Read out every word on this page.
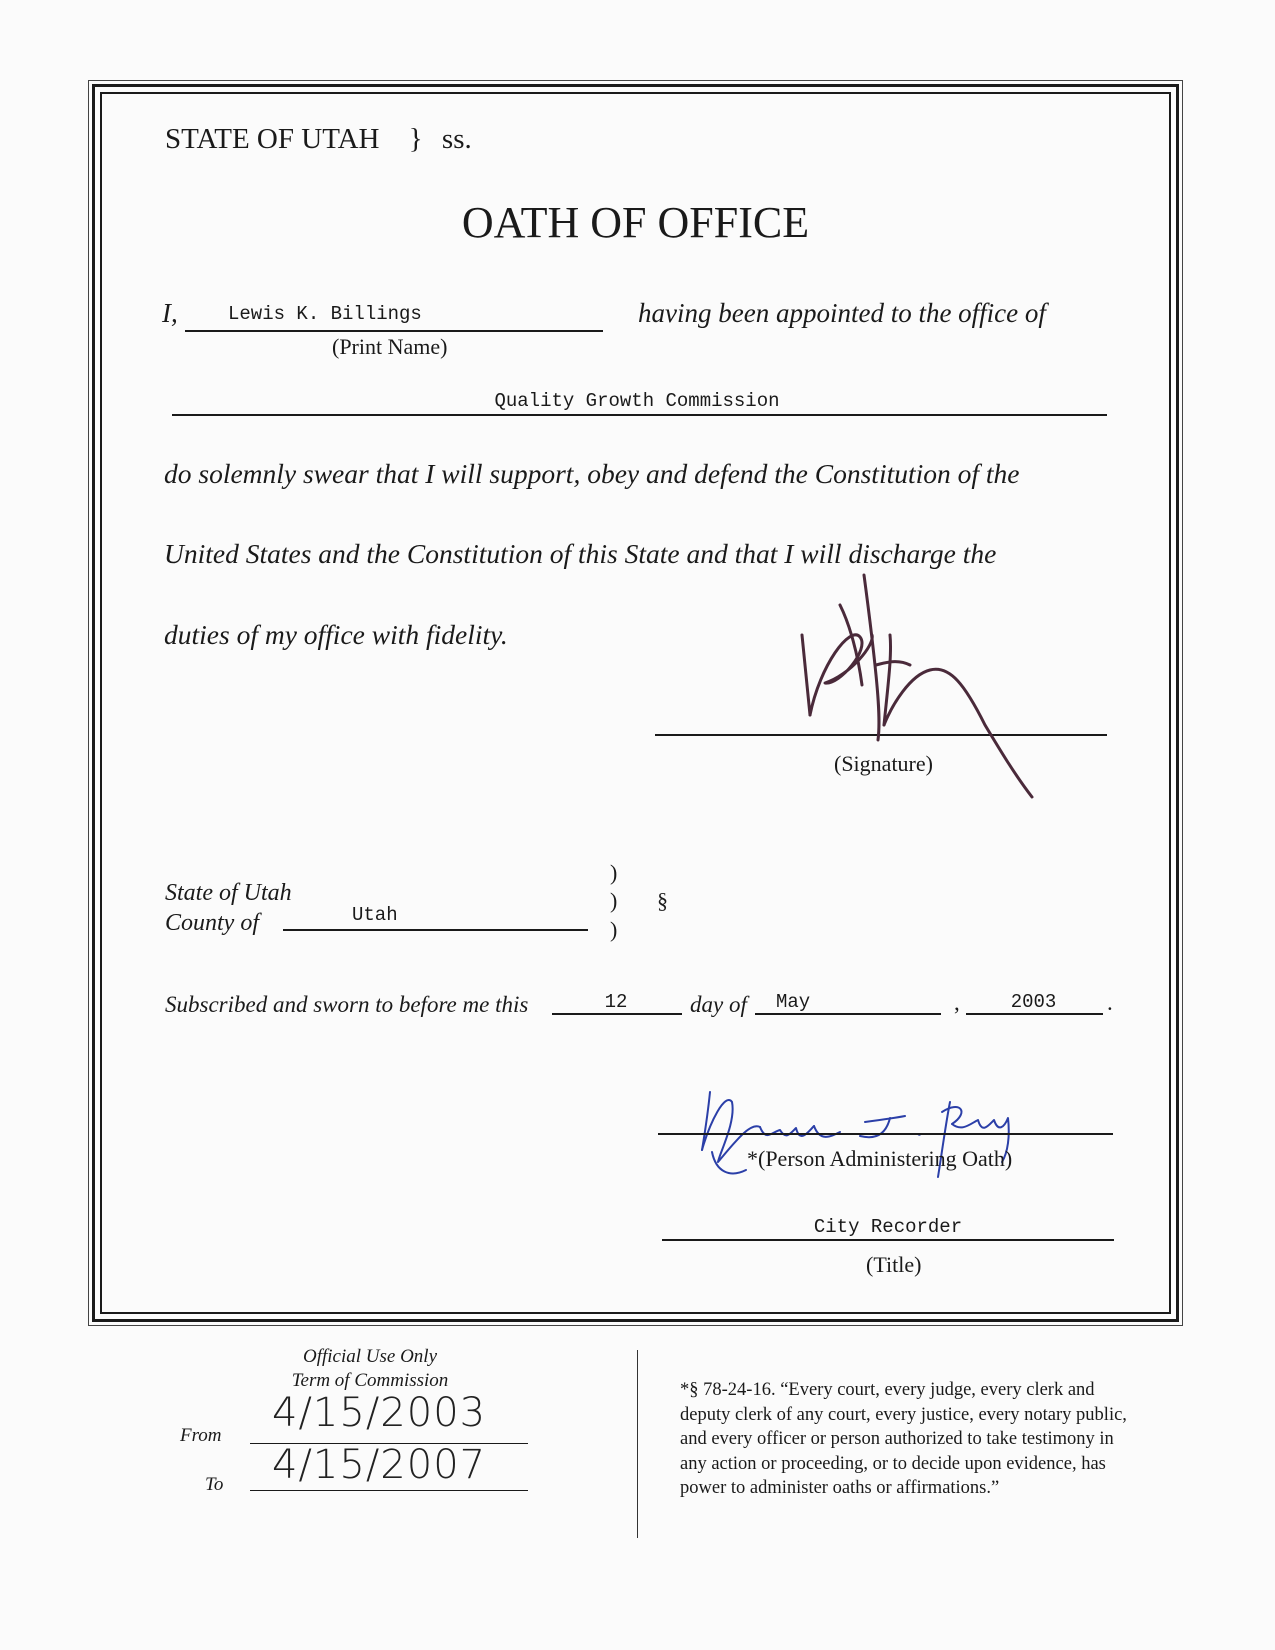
STATE OF UTAH } ss.
OATH OF OFFICE
I,	Lewis K. Billings	having been appointed to the office of
(Print Name)
Quality Growth Commission
do solemnly swear that I will support, obey and defend the Constitution of the
United States and the Constitution of this State and that I will discharge the
duties of my office with fidelity.
(Signature)
State of Utah
County of	Utah
)
)
)
§
Subscribed and sworn to before me this	12	day of May	,	2003	.
*(Person Administering Oath)
City Recorder
(Title)
Official Use Only
Term of Commission
From 4/15/2003
To 4/15/2007
*§ 78-24-16. “Every court, every judge, every clerk and
deputy clerk of any court, every justice, every notary public,
and every officer or person authorized to take testimony in
any action or proceeding, or to decide upon evidence, has
power to administer oaths or affirmations.”
